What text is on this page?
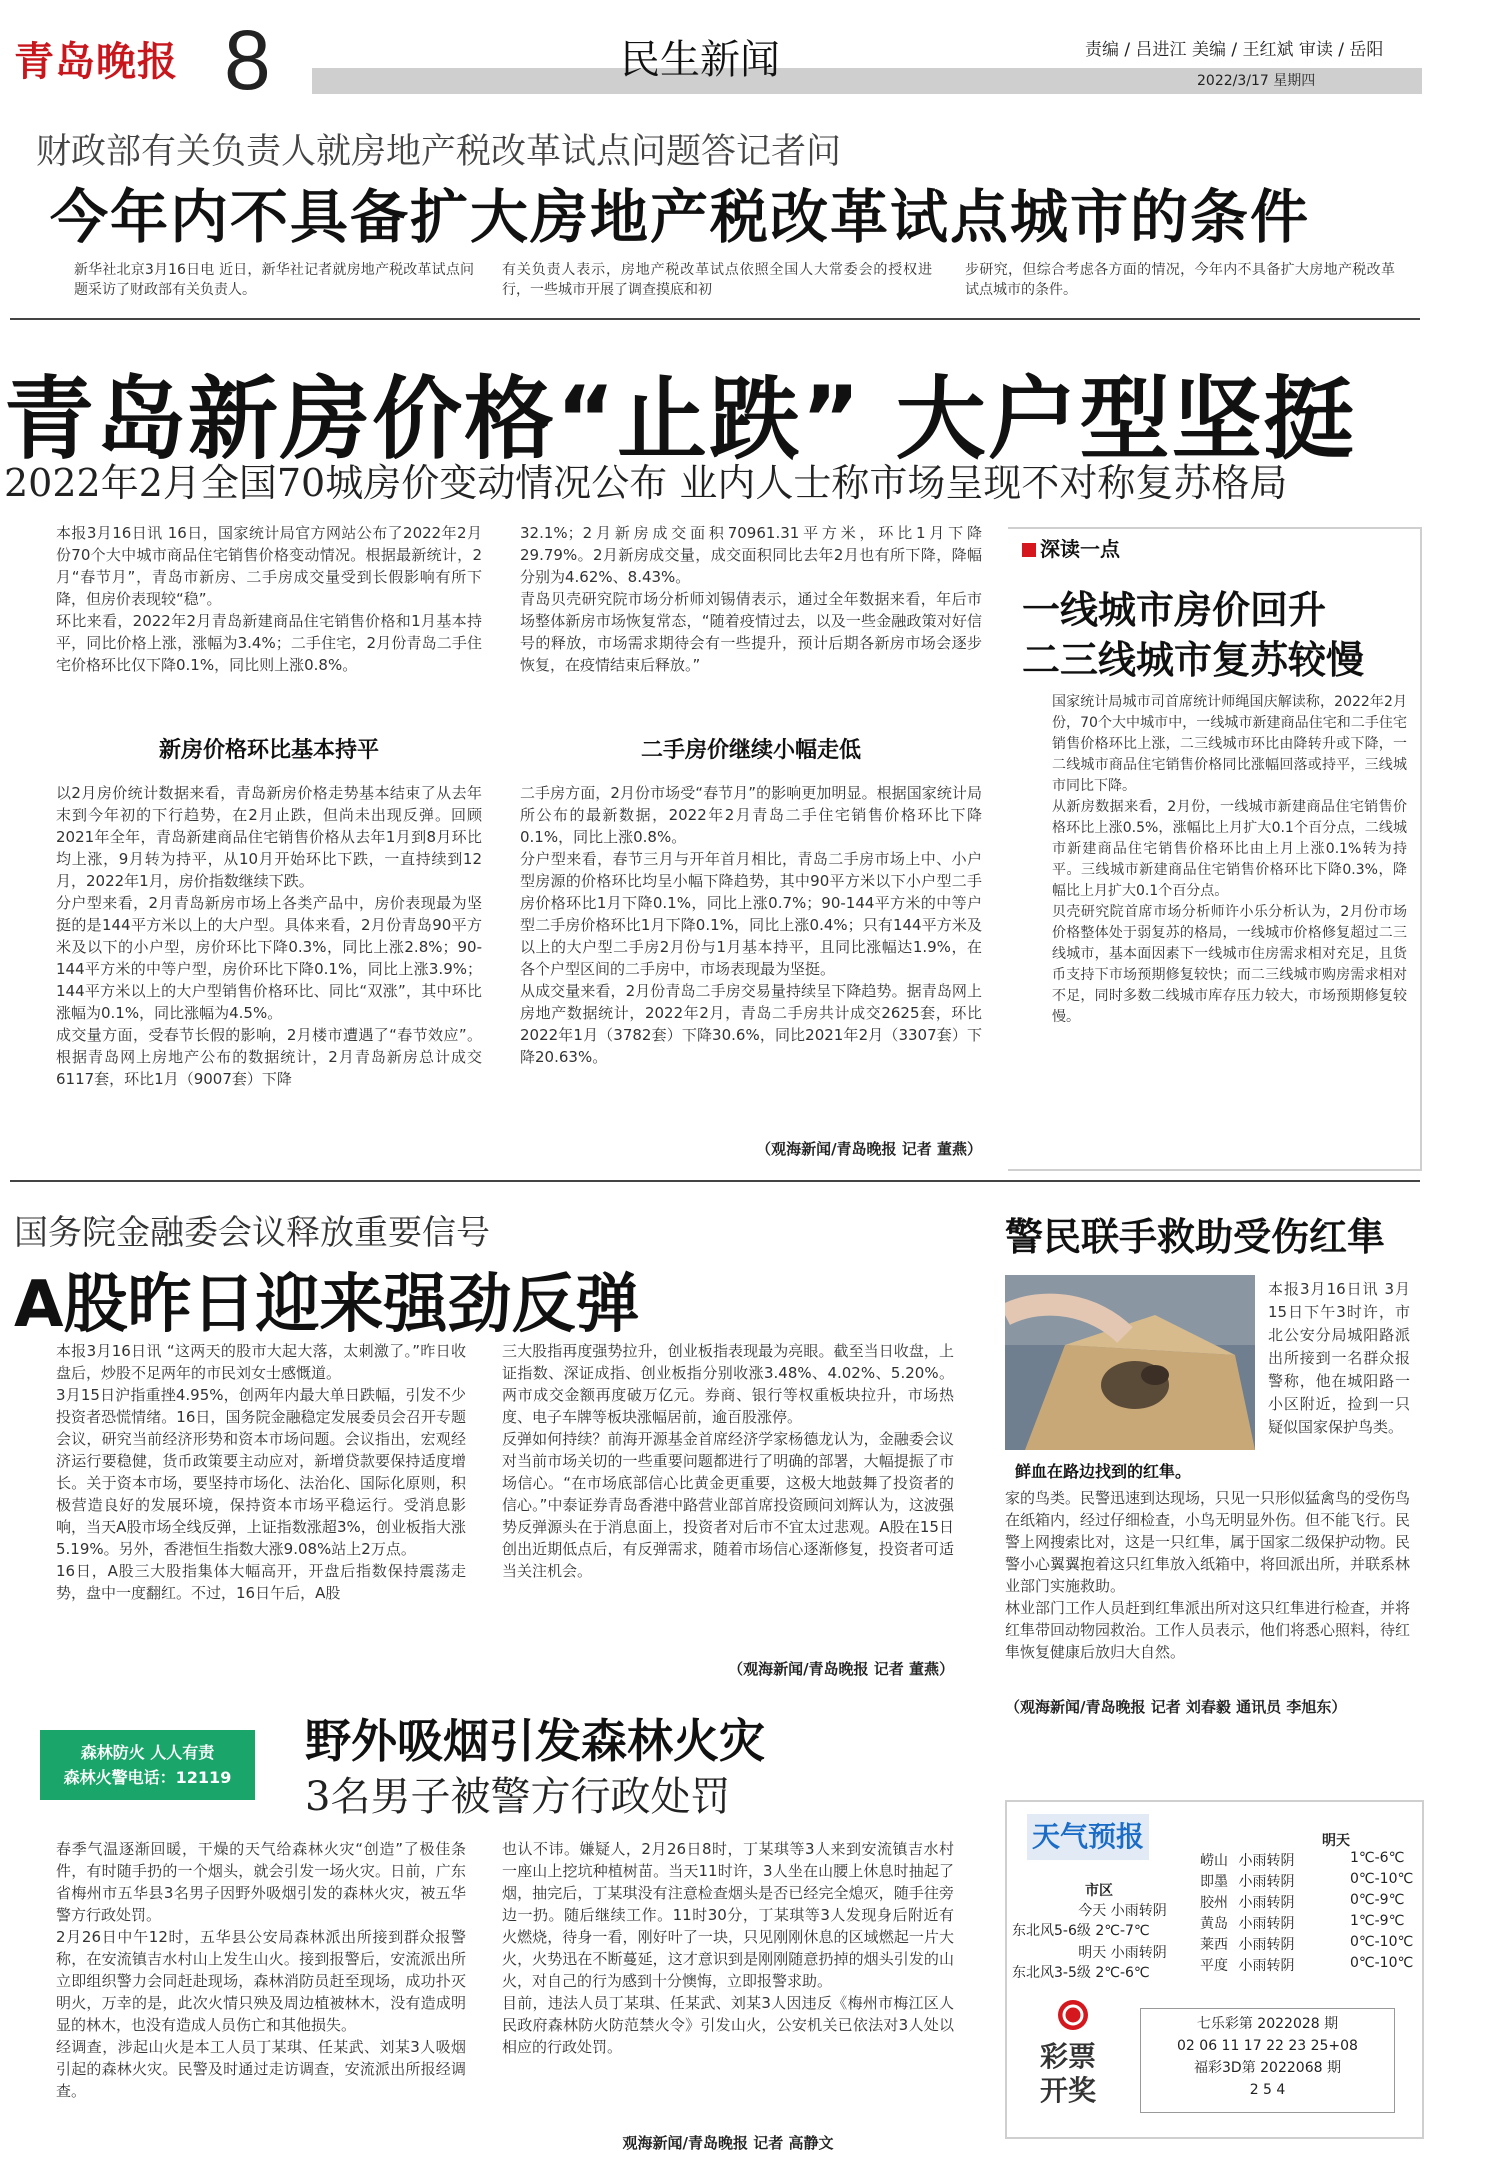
青岛晚报 8	民生新闻	责编 / 吕进江 美编 / 王红斌 审读 / 岳阳
2022/3/17 星期四
财政部有关负责人就房地产税改革试点问题答记者问
今年内不具备扩大房地产税改革试点城市的条件
新华社北京3月16日电 近日，新华社记者就房地产税改革试点问题采访了财政部有关负责人。
有关负责人表示，房地产税改革试点依照全国人大常委会的授权进行，一些城市开展了调查摸底和初
步研究，但综合考虑各方面的情况，今年内不具备扩大房地产税改革试点城市的条件。
青岛新房价格“止跌” 大户型坚挺
2022年2月全国70城房价变动情况公布 业内人士称市场呈现不对称复苏格局
本报3月16日讯 16日，国家统计局官方网站公布了2022年2月份70个大中城市商品住宅销售价格变动情况。根据最新统计，2月“春节月”，青岛市新房、二手房成交量受到长假影响有所下降，但房价表现较“稳”。
环比来看，2022年2月青岛新建商品住宅销售价格和1月基本持平，同比价格上涨，涨幅为3.4%；二手住宅，2月份青岛二手住宅价格环比仅下降0.1%，同比则上涨0.8%。
32.1%；2月新房成交面积70961.31平方米，环比1月下降29.79%。2月新房成交量，成交面积同比去年2月也有所下降，降幅分别为4.62%、8.43%。
青岛贝壳研究院市场分析师刘锡倩表示，通过全年数据来看，年后市场整体新房市场恢复常态，“随着疫情过去，以及一些金融政策对好信号的释放，市场需求期待会有一些提升，预计后期各新房市场会逐步恢复，在疫情结束后释放。”
新房价格环比基本持平	二手房价继续小幅走低
以2月房价统计数据来看，青岛新房价格走势基本结束了从去年末到今年初的下行趋势，在2月止跌，但尚未出现反弹。回顾2021年全年，青岛新建商品住宅销售价格从去年1月到8月环比均上涨，9月转为持平，从10月开始环比下跌，一直持续到12月，2022年1月，房价指数继续下跌。
分户型来看，2月青岛新房市场上各类产品中，房价表现最为坚挺的是144平方米以上的大户型。具体来看，2月份青岛90平方米及以下的小户型，房价环比下降0.3%，同比上涨2.8%；90-144平方米的中等户型，房价环比下降0.1%，同比上涨3.9%；144平方米以上的大户型销售价格环比、同比“双涨”，其中环比涨幅为0.1%，同比涨幅为4.5%。
成交量方面，受春节长假的影响，2月楼市遭遇了“春节效应”。根据青岛网上房地产公布的数据统计，2月青岛新房总计成交6117套，环比1月（9007套）下降
二手房方面，2月份市场受“春节月”的影响更加明显。根据国家统计局所公布的最新数据，2022年2月青岛二手住宅销售价格环比下降0.1%，同比上涨0.8%。
分户型来看，春节三月与开年首月相比，青岛二手房市场上中、小户型房源的价格环比均呈小幅下降趋势，其中90平方米以下小户型二手房价格环比1月下降0.1%，同比上涨0.7%；90-144平方米的中等户型二手房价格环比1月下降0.1%，同比上涨0.4%；只有144平方米及以上的大户型二手房2月份与1月基本持平，且同比涨幅达1.9%，在各个户型区间的二手房中，市场表现最为坚挺。
从成交量来看，2月份青岛二手房交易量持续呈下降趋势。据青岛网上房地产数据统计，2022年2月，青岛二手房共计成交2625套，环比2022年1月（3782套）下降30.6%，同比2021年2月（3307套）下降20.63%。
（观海新闻/青岛晚报 记者 董燕）
深读一点
一线城市房价回升
二三线城市复苏较慢
国家统计局城市司首席统计师绳国庆解读称，2022年2月份，70个大中城市中，一线城市新建商品住宅和二手住宅销售价格环比上涨，二三线城市环比由降转升或下降，一二线城市商品住宅销售价格同比涨幅回落或持平，三线城市同比下降。
从新房数据来看，2月份，一线城市新建商品住宅销售价格环比上涨0.5%，涨幅比上月扩大0.1个百分点，二线城市新建商品住宅销售价格环比由上月上涨0.1%转为持平。三线城市新建商品住宅销售价格环比下降0.3%，降幅比上月扩大0.1个百分点。
贝壳研究院首席市场分析师许小乐分析认为，2月份市场价格整体处于弱复苏的格局，一线城市价格修复超过二三线城市，基本面因素下一线城市住房需求相对充足，且货币支持下市场预期修复较快；而二三线城市购房需求相对不足，同时多数二线城市库存压力较大，市场预期修复较慢。
国务院金融委会议释放重要信号
A股昨日迎来强劲反弹
本报3月16日讯 “这两天的股市大起大落，太刺激了。”昨日收盘后，炒股不足两年的市民刘女士感慨道。
3月15日沪指重挫4.95%，创两年内最大单日跌幅，引发不少投资者恐慌情绪。16日，国务院金融稳定发展委员会召开专题会议，研究当前经济形势和资本市场问题。会议指出，宏观经济运行要稳健，货币政策要主动应对，新增贷款要保持适度增长。关于资本市场，要坚持市场化、法治化、国际化原则，积极营造良好的发展环境，保持资本市场平稳运行。受消息影响，当天A股市场全线反弹，上证指数涨超3%，创业板指大涨5.19%。另外，香港恒生指数大涨9.08%站上2万点。
16日，A股三大股指集体大幅高开，开盘后指数保持震荡走势，盘中一度翻红。不过，16日午后，A股
三大股指再度强势拉升，创业板指表现最为亮眼。截至当日收盘，上证指数、深证成指、创业板指分别收涨3.48%、4.02%、5.20%。两市成交金额再度破万亿元。券商、银行等权重板块拉升，市场热度、电子车牌等板块涨幅居前，逾百股涨停。
反弹如何持续？前海开源基金首席经济学家杨德龙认为，金融委会议对当前市场关切的一些重要问题都进行了明确的部署，大幅提振了市场信心。“在市场底部信心比黄金更重要，这极大地鼓舞了投资者的信心。”中泰证券青岛香港中路营业部首席投资顾问刘辉认为，这波强势反弹源头在于消息面上，投资者对后市不宜太过悲观。A股在15日创出近期低点后，有反弹需求，随着市场信心逐渐修复，投资者可适当关注机会。
（观海新闻/青岛晚报 记者 董燕）
警民联手救助受伤红隼
鲜血在路边找到的红隼。
本报3月16日讯 3月15日下午3时许，市北公安分局城阳路派出所接到一名群众报警称，他在城阳路一小区附近，捡到一只疑似国家保护鸟类。
家的鸟类。民警迅速到达现场，只见一只形似猛禽鸟的受伤鸟在纸箱内，经过仔细检查，小鸟无明显外伤。但不能飞行。民警上网搜索比对，这是一只红隼，属于国家二级保护动物。民警小心翼翼抱着这只红隼放入纸箱中，将回派出所，并联系林业部门实施救助。
林业部门工作人员赶到红隼派出所对这只红隼进行检查，并将红隼带回动物园救治。工作人员表示，他们将悉心照料，待红隼恢复健康后放归大自然。
（观海新闻/青岛晚报 记者 刘春毅 通讯员 李旭东）
森林防火 人人有责
森林火警电话：12119
野外吸烟引发森林火灾
3名男子被警方行政处罚
春季气温逐渐回暖，干燥的天气给森林火灾“创造”了极佳条件，有时随手扔的一个烟头，就会引发一场火灾。日前，广东省梅州市五华县3名男子因野外吸烟引发的森林火灾，被五华警方行政处罚。
2月26日中午12时，五华县公安局森林派出所接到群众报警称，在安流镇吉水村山上发生山火。接到报警后，安流派出所立即组织警力会同赶赴现场，森林消防员赶至现场，成功扑灭明火，万幸的是，此次火情只殃及周边植被林木，没有造成明显的林木，也没有造成人员伤亡和其他损失。
经调查，涉起山火是本工人员丁某琪、任某武、刘某3人吸烟引起的森林火灾。民警及时通过走访调查，安流派出所报经调查。
也认不讳。嫌疑人，2月26日8时，丁某琪等3人来到安流镇吉水村一座山上挖坑种植树苗。当天11时许，3人坐在山腰上休息时抽起了烟，抽完后，丁某琪没有注意检查烟头是否已经完全熄灭，随手往旁边一扔。随后继续工作。11时30分，丁某琪等3人发现身后附近有火燃烧，待身一看，刚好叶了一块，只见刚刚休息的区域燃起一片大火，火势迅在不断蔓延，这才意识到是刚刚随意扔掉的烟头引发的山火，对自己的行为感到十分懊悔，立即报警求助。
目前，违法人员丁某琪、任某武、刘某3人因违反《梅州市梅江区人民政府森林防火防范禁火令》引发山火，公安机关已依法对3人处以相应的行政处罚。
观海新闻/青岛晚报 记者 高静文
天气预报
市区
今天 小雨转阴
东北风5-6级 2℃-7℃
明天 小雨转阴
东北风3-5级 2℃-6℃
明天
崂山 小雨转阴	1℃-6℃
即墨 小雨转阴	0℃-10℃
胶州 小雨转阴	0℃-9℃
黄岛 小雨转阴	1℃-9℃
莱西 小雨转阴	0℃-10℃
平度 小雨转阴	0℃-10℃
彩票
开奖
七乐彩第 2022028 期
02 06 11 17 22 23 25+08
福彩3D第 2022068 期
2 5 4
